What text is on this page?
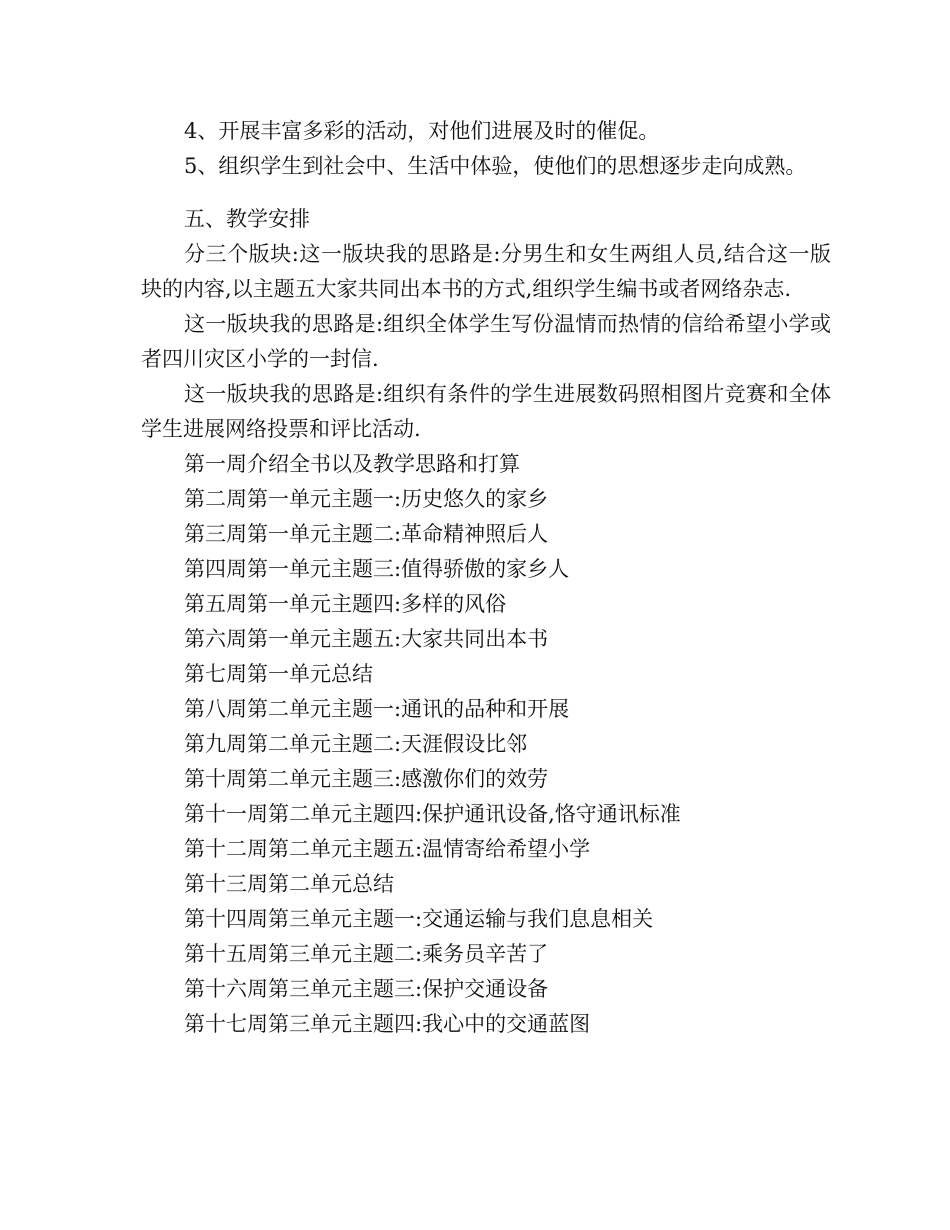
4、开展丰富多彩的活动，对他们进展及时的催促。
5、组织学生到社会中、生活中体验，使他们的思想逐步走向成熟。
五、教学安排
分三个版块:这一版块我的思路是:分男生和女生两组人员,结合这一版块的内容,以主题五大家共同出本书的方式,组织学生编书或者网络杂志.
这一版块我的思路是:组织全体学生写份温情而热情的信给希望小学或者四川灾区小学的一封信.
这一版块我的思路是:组织有条件的学生进展数码照相图片竞赛和全体学生进展网络投票和评比活动.
第一周介绍全书以及教学思路和打算
第二周第一单元主题一:历史悠久的家乡
第三周第一单元主题二:革命精神照后人
第四周第一单元主题三:值得骄傲的家乡人
第五周第一单元主题四:多样的风俗
第六周第一单元主题五:大家共同出本书
第七周第一单元总结
第八周第二单元主题一:通讯的品种和开展
第九周第二单元主题二:天涯假设比邻
第十周第二单元主题三:感激你们的效劳
第十一周第二单元主题四:保护通讯设备,恪守通讯标准
第十二周第二单元主题五:温情寄给希望小学
第十三周第二单元总结
第十四周第三单元主题一:交通运输与我们息息相关
第十五周第三单元主题二:乘务员辛苦了
第十六周第三单元主题三:保护交通设备
第十七周第三单元主题四:我心中的交通蓝图
